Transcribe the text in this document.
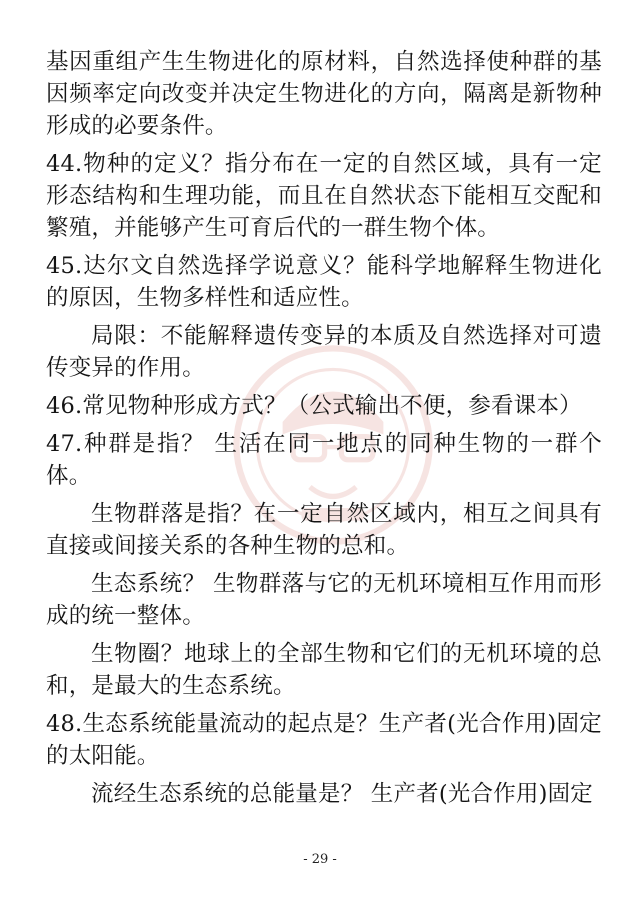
基因重组产生生物进化的原材料，自然选择使种群的基因频率定向改变并决定生物进化的方向，隔离是新物种形成的必要条件。

44.物种的定义？指分布在一定的自然区域，具有一定形态结构和生理功能，而且在自然状态下能相互交配和繁殖，并能够产生可育后代的一群生物个体。

45.达尔文自然选择学说意义？能科学地解释生物进化的原因，生物多样性和适应性。

局限：不能解释遗传变异的本质及自然选择对可遗传变异的作用。

46.常见物种形成方式？（公式输出不便，参看课本）

47.种群是指？ 生活在同一地点的同种生物的一群个体。

生物群落是指？在一定自然区域内，相互之间具有直接或间接关系的各种生物的总和。

生态系统？ 生物群落与它的无机环境相互作用而形成的统一整体。

生物圈？地球上的全部生物和它们的无机环境的总和，是最大的生态系统。

48.生态系统能量流动的起点是？生产者(光合作用)固定的太阳能。

流经生态系统的总能量是？ 生产者(光合作用)固定

- 29 -
